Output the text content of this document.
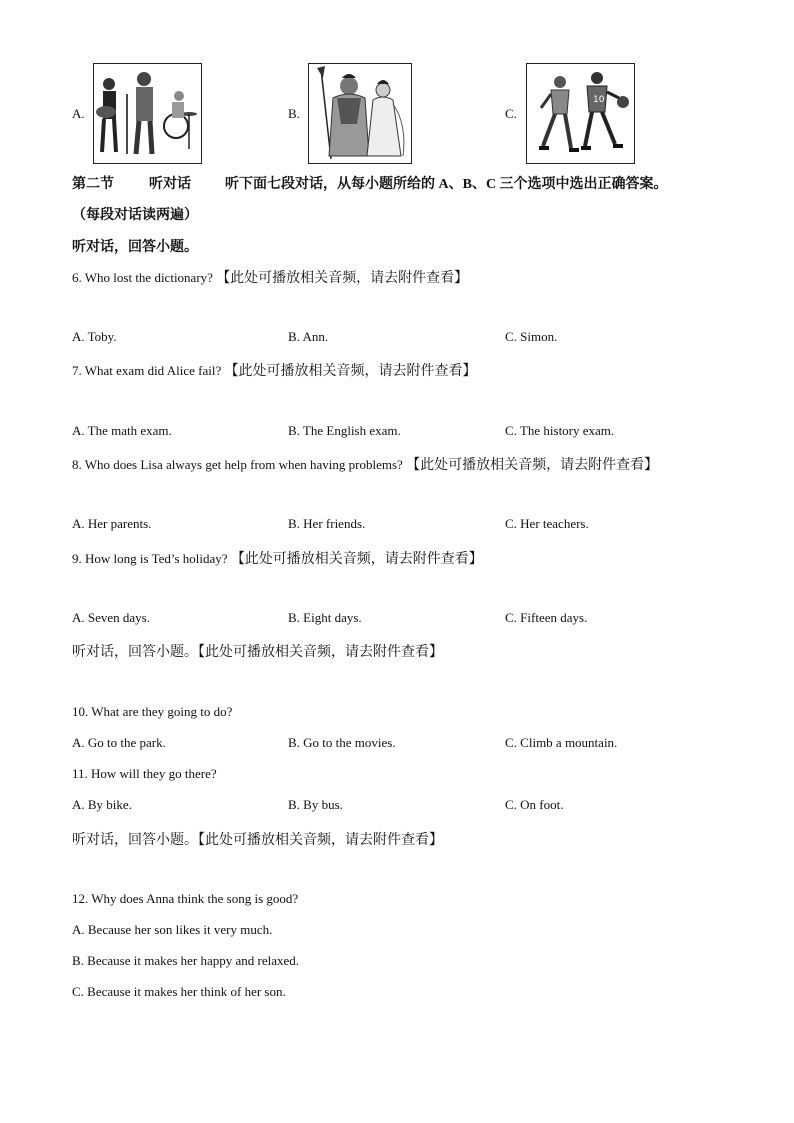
A.	B.	C.
10
第二节	听对话 听下面七段对话，从每小题所给的 A、B、C 三个选项中选出正确答案。
（每段对话读两遍）
听对话，回答小题。
6. Who lost the dictionary? 【此处可播放相关音频，请去附件查看】
A. Toby.	B. Ann.	C. Simon.
7. What exam did Alice fail? 【此处可播放相关音频，请去附件查看】
A. The math exam.	B. The English exam.	C. The history exam.
8. Who does Lisa always get help from when having problems? 【此处可播放相关音频，请去附件查看】
A. Her parents.	B. Her friends.	C. Her teachers.
9. How long is Ted’s holiday? 【此处可播放相关音频，请去附件查看】
A. Seven days.	B. Eight days.	C. Fifteen days.
听对话，回答小题。【此处可播放相关音频，请去附件查看】
10. What are they going to do?
A. Go to the park.	B. Go to the movies.	C. Climb a mountain.
11. How will they go there?
A. By bike.	B. By bus.	C. On foot.
听对话，回答小题。【此处可播放相关音频，请去附件查看】
12. Why does Anna think the song is good?
A. Because her son likes it very much.
B. Because it makes her happy and relaxed.
C. Because it makes her think of her son.
